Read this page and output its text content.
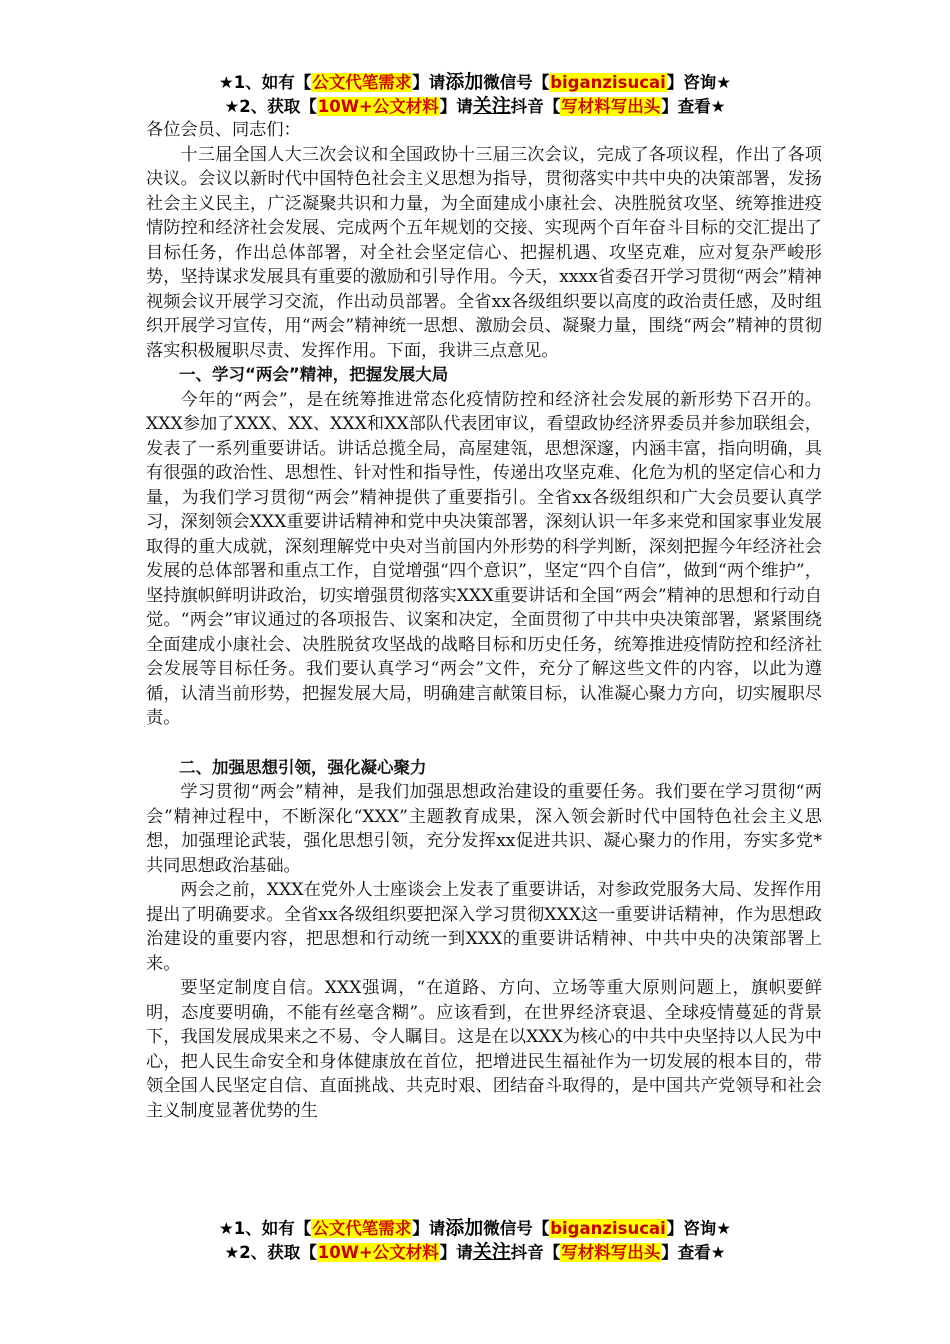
★1、如有【公文代笔需求】请添加微信号【biganzisucai】咨询★
★2、获取【10W+公文材料】请关注抖音【写材料写出头】查看★

各位会员、同志们：

十三届全国人大三次会议和全国政协十三届三次会议，完成了各项议程，作出了各项决议。会议以新时代中国特色社会主义思想为指导，贯彻落实中共中央的决策部署，发扬社会主义民主，广泛凝聚共识和力量，为全面建成小康社会、决胜脱贫攻坚、统筹推进疫情防控和经济社会发展、完成两个五年规划的交接、实现两个百年奋斗目标的交汇提出了目标任务，作出总体部署，对全社会坚定信心、把握机遇、攻坚克难，应对复杂严峻形势，坚持谋求发展具有重要的激励和引导作用。今天，xxxx省委召开学习贯彻“两会”精神视频会议开展学习交流，作出动员部署。全省xx各级组织要以高度的政治责任感，及时组织开展学习宣传，用“两会”精神统一思想、激励会员、凝聚力量，围绕“两会”精神的贯彻落实积极履职尽责、发挥作用。下面，我讲三点意见。

一、学习“两会”精神，把握发展大局

今年的“两会”，是在统筹推进常态化疫情防控和经济社会发展的新形势下召开的。XXX参加了XXX、XX、XXX和XX部队代表团审议，看望政协经济界委员并参加联组会，发表了一系列重要讲话。讲话总揽全局，高屋建瓴，思想深邃，内涵丰富，指向明确，具有很强的政治性、思想性、针对性和指导性，传递出攻坚克难、化危为机的坚定信心和力量，为我们学习贯彻“两会”精神提供了重要指引。全省xx各级组织和广大会员要认真学习，深刻领会XXX重要讲话精神和党中央决策部署，深刻认识一年多来党和国家事业发展取得的重大成就，深刻理解党中央对当前国内外形势的科学判断，深刻把握今年经济社会发展的总体部署和重点工作，自觉增强“四个意识”，坚定“四个自信”，做到“两个维护”，坚持旗帜鲜明讲政治，切实增强贯彻落实XXX重要讲话和全国“两会”精神的思想和行动自觉。“两会”审议通过的各项报告、议案和决定，全面贯彻了中共中央决策部署，紧紧围绕全面建成小康社会、决胜脱贫攻坚战的战略目标和历史任务，统筹推进疫情防控和经济社会发展等目标任务。我们要认真学习“两会”文件，充分了解这些文件的内容，以此为遵循，认清当前形势，把握发展大局，明确建言献策目标，认准凝心聚力方向，切实履职尽责。

二、加强思想引领，强化凝心聚力

学习贯彻“两会”精神，是我们加强思想政治建设的重要任务。我们要在学习贯彻“两会”精神过程中，不断深化“XXX”主题教育成果，深入领会新时代中国特色社会主义思想，加强理论武装，强化思想引领，充分发挥xx促进共识、凝心聚力的作用，夯实多党*共同思想政治基础。

两会之前，XXX在党外人士座谈会上发表了重要讲话，对参政党服务大局、发挥作用提出了明确要求。全省xx各级组织要把深入学习贯彻XXX这一重要讲话精神，作为思想政治建设的重要内容，把思想和行动统一到XXX的重要讲话精神、中共中央的决策部署上来。

要坚定制度自信。XXX强调，“在道路、方向、立场等重大原则问题上，旗帜要鲜明，态度要明确，不能有丝毫含糊”。应该看到，在世界经济衰退、全球疫情蔓延的背景下，我国发展成果来之不易、令人瞩目。这是在以XXX为核心的中共中央坚持以人民为中心，把人民生命安全和身体健康放在首位，把增进民生福祉作为一切发展的根本目的，带领全国人民坚定自信、直面挑战、共克时艰、团结奋斗取得的，是中国共产党领导和社会主义制度显著优势的生

★1、如有【公文代笔需求】请添加微信号【biganzisucai】咨询★
★2、获取【10W+公文材料】请关注抖音【写材料写出头】查看★
